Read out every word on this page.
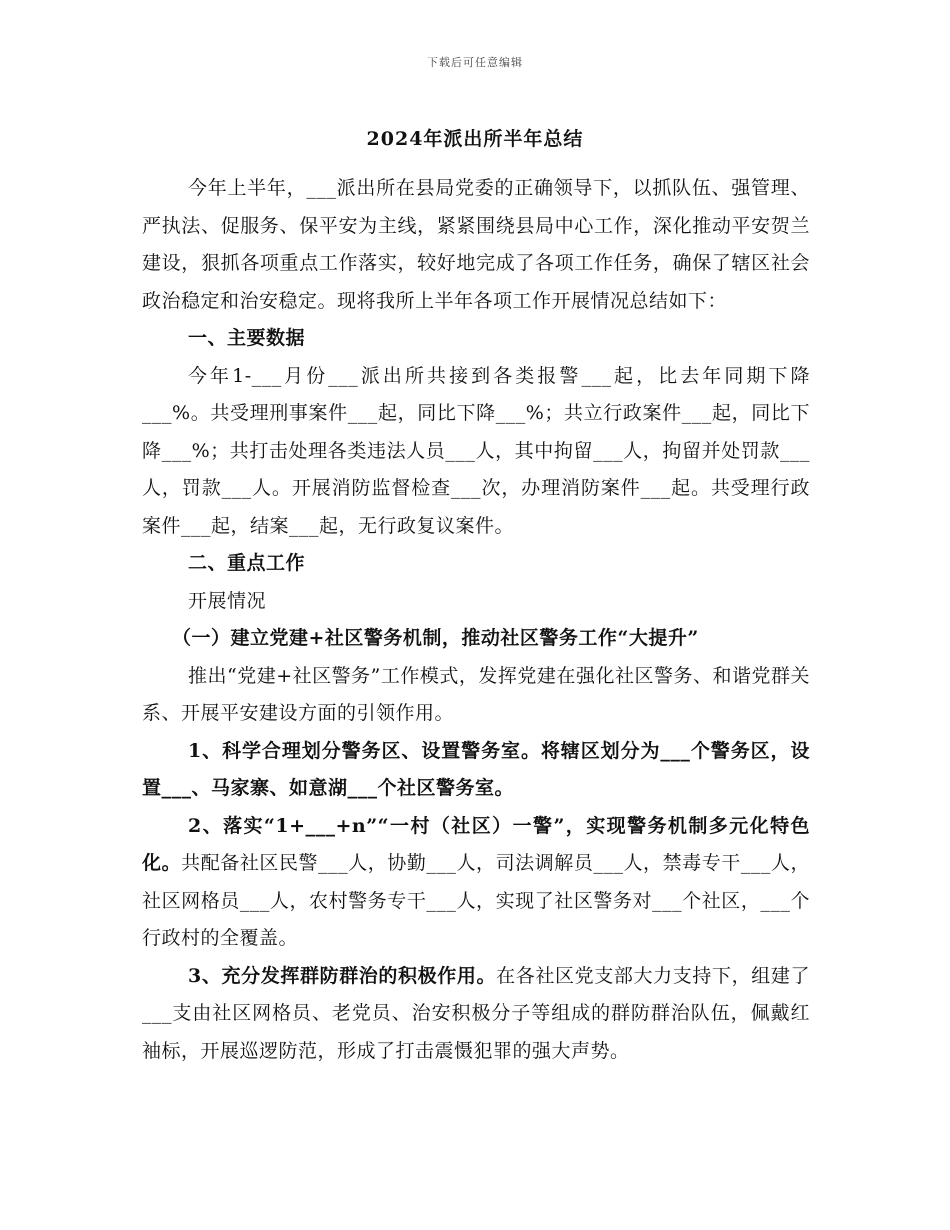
下载后可任意编辑
2024年派出所半年总结

今年上半年，___派出所在县局党委的正确领导下，以抓队伍、强管理、严执法、促服务、保平安为主线，紧紧围绕县局中心工作，深化推动平安贺兰建设，狠抓各项重点工作落实，较好地完成了各项工作任务，确保了辖区社会政治稳定和治安稳定。现将我所上半年各项工作开展情况总结如下：

一、主要数据

今年1-___月份___派出所共接到各类报警___起，比去年同期下降___%。共受理刑事案件___起，同比下降___%；共立行政案件___起，同比下降___%；共打击处理各类违法人员___人，其中拘留___人，拘留并处罚款___人，罚款___人。开展消防监督检查___次，办理消防案件___起。共受理行政案件___起，结案___起，无行政复议案件。

二、重点工作

开展情况

（一）建立党建+社区警务机制，推动社区警务工作“大提升”

推出“党建+社区警务”工作模式，发挥党建在强化社区警务、和谐党群关系、开展平安建设方面的引领作用。

1、科学合理划分警务区、设置警务室。将辖区划分为___个警务区，设置___、马家寨、如意湖___个社区警务室。

2、落实“1+___+n”“一村（社区）一警”，实现警务机制多元化特色化。共配备社区民警___人，协勤___人，司法调解员___人，禁毒专干___人，社区网格员___人，农村警务专干___人，实现了社区警务对___个社区，___个行政村的全覆盖。

3、充分发挥群防群治的积极作用。在各社区党支部大力支持下，组建了___支由社区网格员、老党员、治安积极分子等组成的群防群治队伍，佩戴红袖标，开展巡逻防范，形成了打击震慑犯罪的强大声势。
